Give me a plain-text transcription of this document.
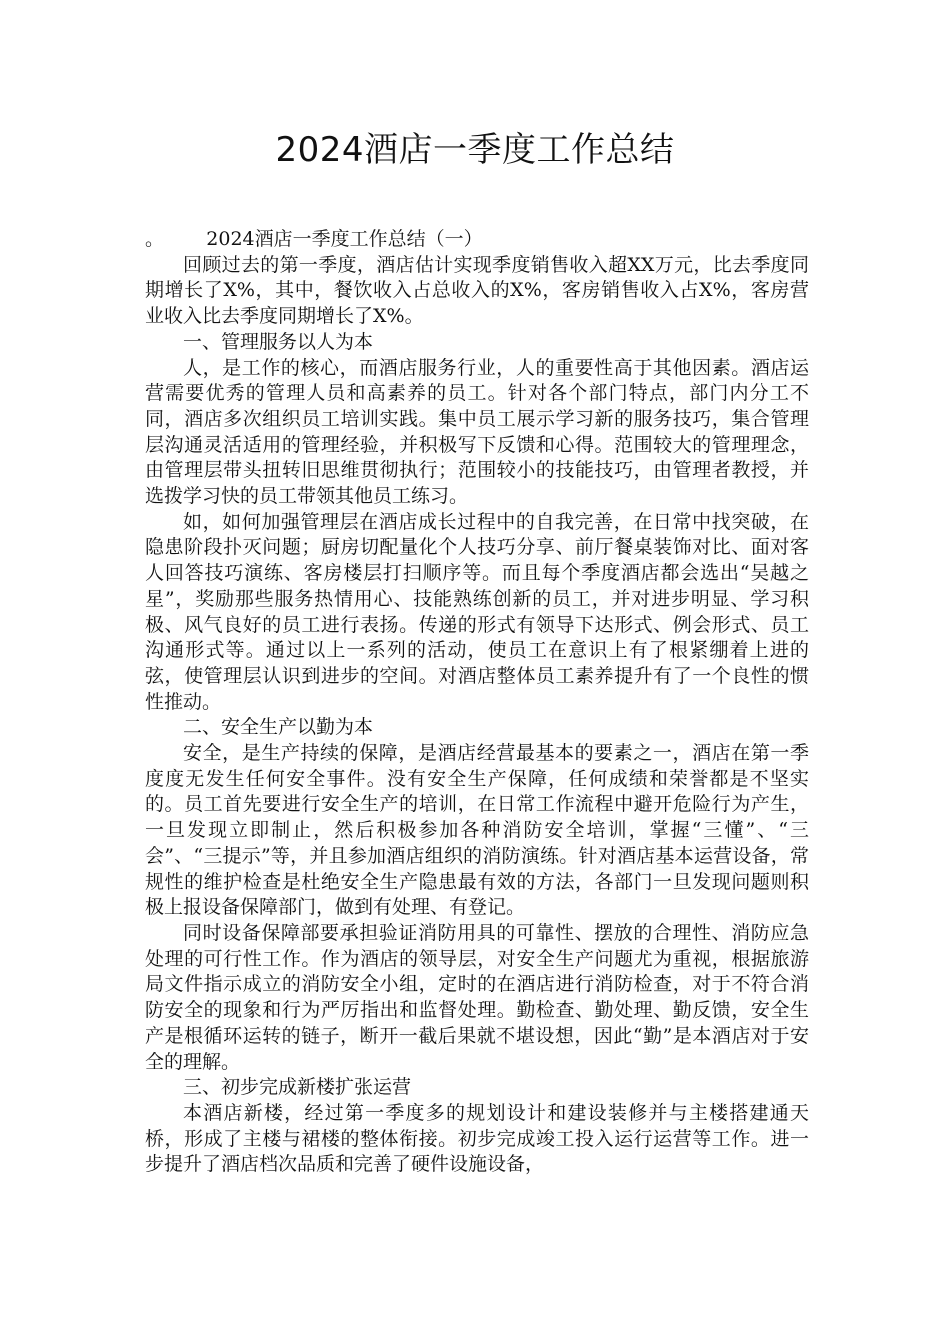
2024酒店一季度工作总结

。 2024酒店一季度工作总结（一）

回顾过去的第一季度，酒店估计实现季度销售收入超XX万元，比去季度同期增长了X%，其中，餐饮收入占总收入的X%，客房销售收入占X%，客房营业收入比去季度同期增长了X%。

一、管理服务以人为本

人，是工作的核心，而酒店服务行业，人的重要性高于其他因素。酒店运营需要优秀的管理人员和高素养的员工。针对各个部门特点，部门内分工不同，酒店多次组织员工培训实践。集中员工展示学习新的服务技巧，集合管理层沟通灵活适用的管理经验，并积极写下反馈和心得。范围较大的管理理念，由管理层带头扭转旧思维贯彻执行；范围较小的技能技巧，由管理者教授，并选拨学习快的员工带领其他员工练习。

如，如何加强管理层在酒店成长过程中的自我完善，在日常中找突破，在隐患阶段扑灭问题；厨房切配量化个人技巧分享、前厅餐桌装饰对比、面对客人回答技巧演练、客房楼层打扫顺序等。而且每个季度酒店都会选出“吴越之星”，奖励那些服务热情用心、技能熟练创新的员工，并对进步明显、学习积极、风气良好的员工进行表扬。传递的形式有领导下达形式、例会形式、员工沟通形式等。通过以上一系列的活动，使员工在意识上有了根紧绷着上进的弦，使管理层认识到进步的空间。对酒店整体员工素养提升有了一个良性的惯性推动。

二、安全生产以勤为本

安全，是生产持续的保障，是酒店经营最基本的要素之一，酒店在第一季度度无发生任何安全事件。没有安全生产保障，任何成绩和荣誉都是不坚实的。员工首先要进行安全生产的培训，在日常工作流程中避开危险行为产生，一旦发现立即制止，然后积极参加各种消防安全培训，掌握“三懂”、“三会”、“三提示”等，并且参加酒店组织的消防演练。针对酒店基本运营设备，常规性的维护检查是杜绝安全生产隐患最有效的方法，各部门一旦发现问题则积极上报设备保障部门，做到有处理、有登记。

同时设备保障部要承担验证消防用具的可靠性、摆放的合理性、消防应急处理的可行性工作。作为酒店的领导层，对安全生产问题尤为重视，根据旅游局文件指示成立的消防安全小组，定时的在酒店进行消防检查，对于不符合消防安全的现象和行为严厉指出和监督处理。勤检查、勤处理、勤反馈，安全生产是根循环运转的链子，断开一截后果就不堪设想，因此“勤”是本酒店对于安全的理解。

三、初步完成新楼扩张运营

本酒店新楼，经过第一季度多的规划设计和建设装修并与主楼搭建通天桥，形成了主楼与裙楼的整体衔接。初步完成竣工投入运行运营等工作。进一步提升了酒店档次品质和完善了硬件设施设备，
